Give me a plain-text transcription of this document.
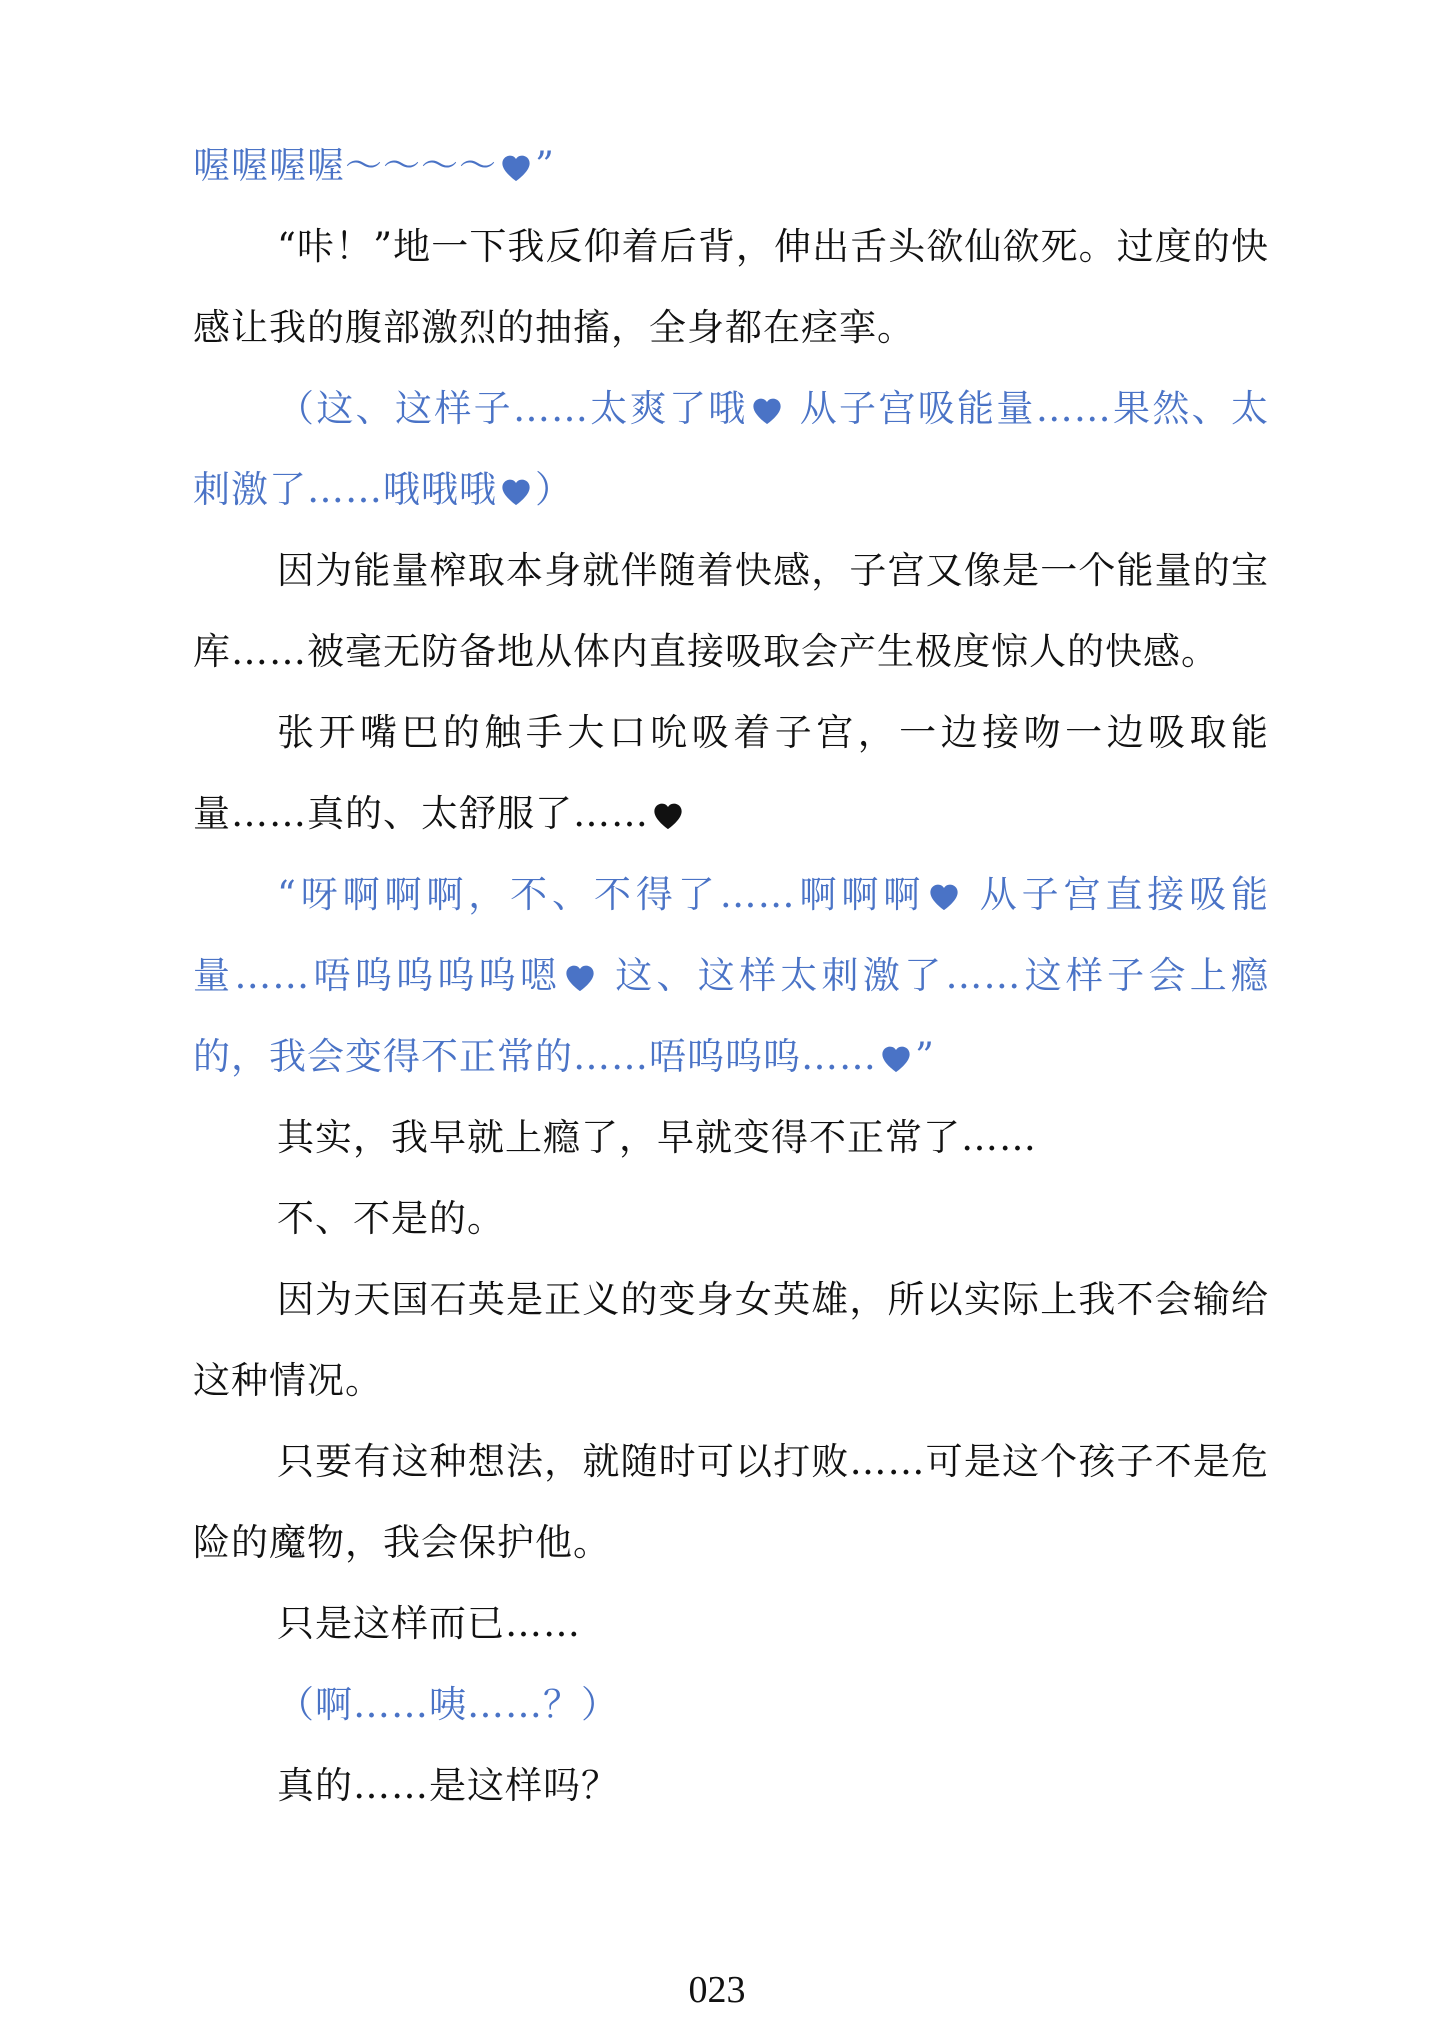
喔喔喔喔～～～～ ”

“咔！”地一下我反仰着后背，伸出舌头欲仙欲死。过度的快感让我的腹部激烈的抽搐，全身都在痉挛。

（这、这样子……太爽了哦
从子宫吸能量……果然、太刺激了……哦哦哦 ）

因为能量榨取本身就伴随着快感，子宫又像是一个能量的宝库……被毫无防备地从体内直接吸取会产生极度惊人的快感。

张开嘴巴的触手大口吮吸着子宫，一边接吻一边吸取能量……真的、太舒服了……

“呀啊啊啊，不、不得了……啊啊啊
从子宫直接吸能量……唔呜呜呜呜嗯
这、这样太刺激了……这样子会上瘾的，我会变得不正常的……唔呜呜呜…… ”

其实，我早就上瘾了，早就变得不正常了……

不、不是的。

因为天国石英是正义的变身女英雄，所以实际上我不会输给这种情况。

只要有这种想法，就随时可以打败……可是这个孩子不是危险的魔物，我会保护他。

只是这样而已……

（啊……咦……？）

真的……是这样吗？

023
